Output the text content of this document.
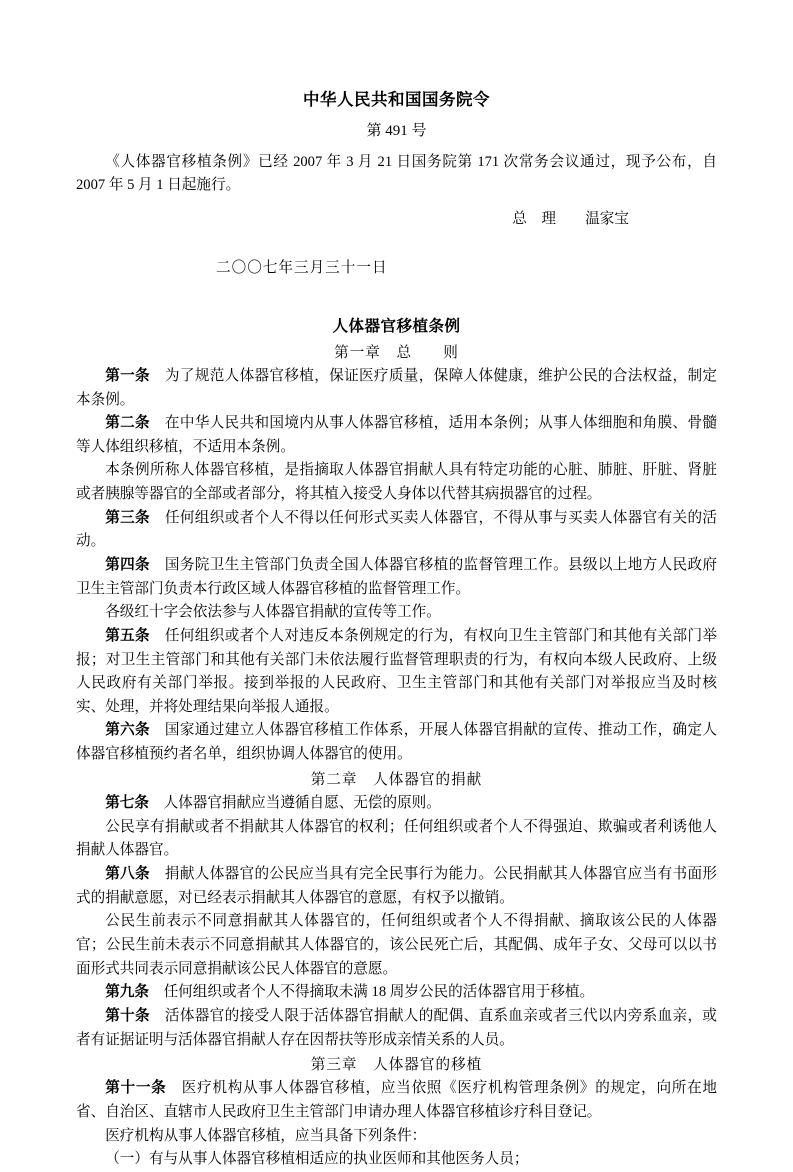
中华人民共和国国务院令
第 491 号

《人体器官移植条例》已经 2007 年 3 月 21 日国务院第 171 次常务会议通过，现予公布，自 2007 年 5 月 1 日起施行。

总　理　　温家宝

二〇〇七年三月三十一日

人体器官移植条例
第一章　总　　则

第一条　为了规范人体器官移植，保证医疗质量，保障人体健康，维护公民的合法权益，制定本条例。

第二条　在中华人民共和国境内从事人体器官移植，适用本条例；从事人体细胞和角膜、骨髓等人体组织移植，不适用本条例。

本条例所称人体器官移植，是指摘取人体器官捐献人具有特定功能的心脏、肺脏、肝脏、肾脏或者胰腺等器官的全部或者部分，将其植入接受人身体以代替其病损器官的过程。

第三条　任何组织或者个人不得以任何形式买卖人体器官，不得从事与买卖人体器官有关的活动。

第四条　国务院卫生主管部门负责全国人体器官移植的监督管理工作。县级以上地方人民政府卫生主管部门负责本行政区域人体器官移植的监督管理工作。

各级红十字会依法参与人体器官捐献的宣传等工作。

第五条　任何组织或者个人对违反本条例规定的行为，有权向卫生主管部门和其他有关部门举报；对卫生主管部门和其他有关部门未依法履行监督管理职责的行为，有权向本级人民政府、上级人民政府有关部门举报。接到举报的人民政府、卫生主管部门和其他有关部门对举报应当及时核实、处理，并将处理结果向举报人通报。

第六条　国家通过建立人体器官移植工作体系，开展人体器官捐献的宣传、推动工作，确定人体器官移植预约者名单，组织协调人体器官的使用。

第二章　人体器官的捐献

第七条　人体器官捐献应当遵循自愿、无偿的原则。

公民享有捐献或者不捐献其人体器官的权利；任何组织或者个人不得强迫、欺骗或者利诱他人捐献人体器官。

第八条　捐献人体器官的公民应当具有完全民事行为能力。公民捐献其人体器官应当有书面形式的捐献意愿，对已经表示捐献其人体器官的意愿，有权予以撤销。

公民生前表示不同意捐献其人体器官的，任何组织或者个人不得捐献、摘取该公民的人体器官；公民生前未表示不同意捐献其人体器官的，该公民死亡后，其配偶、成年子女、父母可以以书面形式共同表示同意捐献该公民人体器官的意愿。

第九条　任何组织或者个人不得摘取未满 18 周岁公民的活体器官用于移植。

第十条　活体器官的接受人限于活体器官捐献人的配偶、直系血亲或者三代以内旁系血亲，或者有证据证明与活体器官捐献人存在因帮扶等形成亲情关系的人员。

第三章　人体器官的移植

第十一条　医疗机构从事人体器官移植，应当依照《医疗机构管理条例》的规定，向所在地省、自治区、直辖市人民政府卫生主管部门申请办理人体器官移植诊疗科目登记。

医疗机构从事人体器官移植，应当具备下列条件：

（一）有与从事人体器官移植相适应的执业医师和其他医务人员；
